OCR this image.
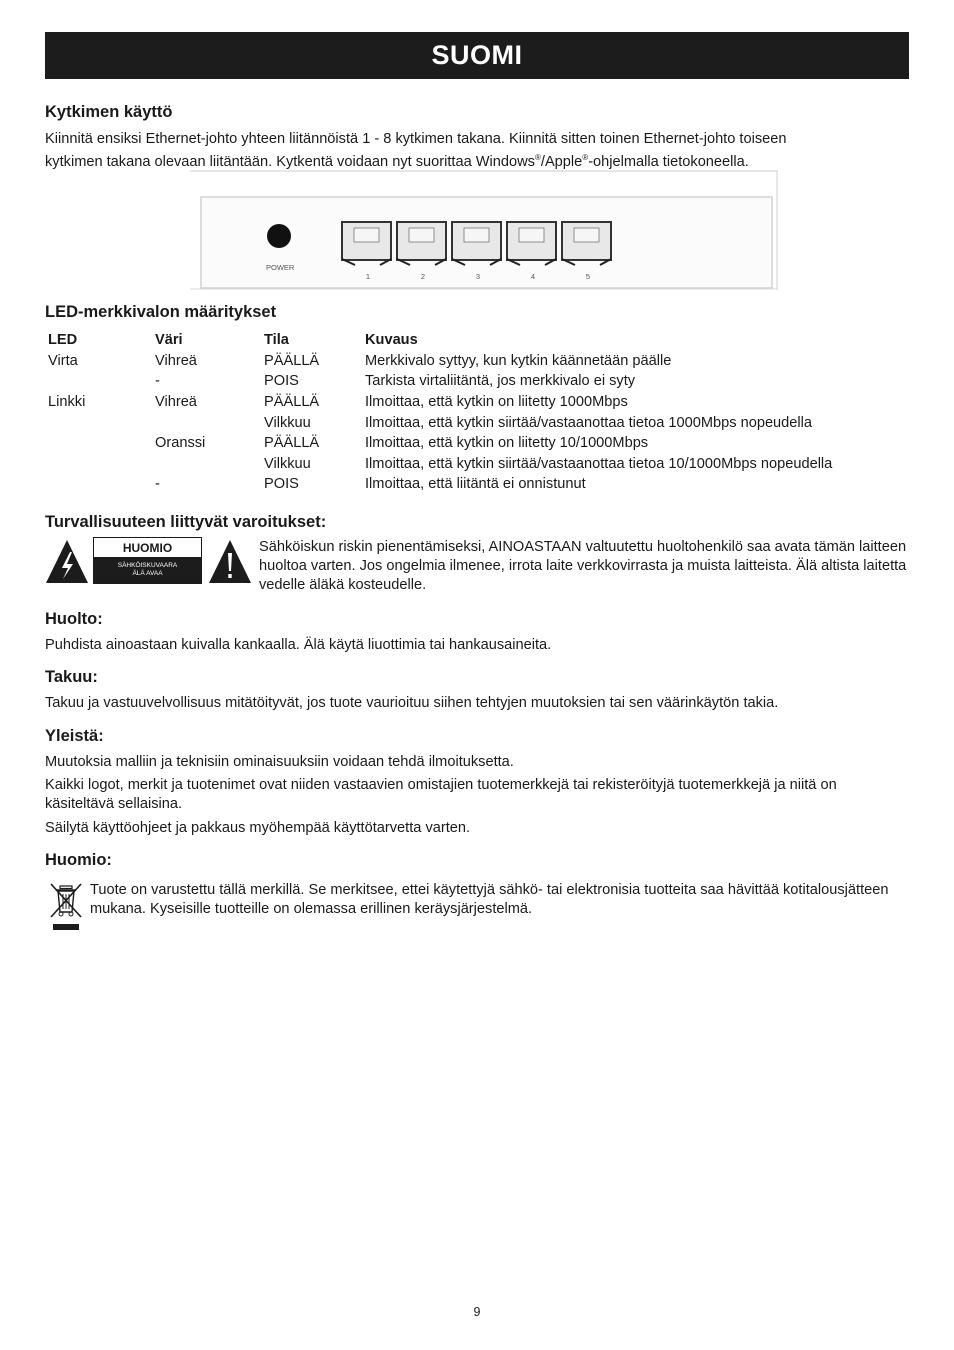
SUOMI
Kytkimen käyttö

Kiinnitä ensiksi Ethernet-johto yhteen liitännöistä 1 - 8 kytkimen takana. Kiinnitä sitten toinen Ethernet-johto toiseen
kytkimen takana olevaan liitäntään. Kytkentä voidaan nyt suorittaa Windows®/Apple®-ohjelmalla tietokoneella.

POWER
1	2	3	4	5
LED-merkkivalon määritykset
LED	Väri	Tila	Kuvaus
Virta	Vihreä	PÄÄLLÄ	Merkkivalo syttyy, kun kytkin käännetään päälle
	-	POIS	Tarkista virtaliitäntä, jos merkkivalo ei syty
Linkki	Vihreä	PÄÄLLÄ	Ilmoittaa, että kytkin on liitetty 1000Mbps
		Vilkkuu	Ilmoittaa, että kytkin siirtää/vastaanottaa tietoa 1000Mbps nopeudella
	Oranssi	PÄÄLLÄ	Ilmoittaa, että kytkin on liitetty 10/1000Mbps
		Vilkkuu	Ilmoittaa, että kytkin siirtää/vastaanottaa tietoa 10/1000Mbps nopeudella
	-	POIS	Ilmoittaa, että liitäntä ei onnistunut
Turvallisuuteen liittyvät varoitukset:
HUOMIO
SÄHKÖISKUVAARA
ÄLÄ AVAA

Sähköiskun riskin pienentämiseksi, AINOASTAAN valtuutettu huoltohenkilö saa avata tämän laitteen huoltoa varten. Jos ongelmia ilmenee, irrota laite verkkovirrasta ja muista laitteista. Älä altista laitetta vedelle äläkä kosteudelle.

Huolto:

Puhdista ainoastaan kuivalla kankaalla. Älä käytä liuottimia tai hankausaineita.

Takuu:

Takuu ja vastuuvelvollisuus mitätöityvät, jos tuote vaurioituu siihen tehtyjen muutoksien tai sen väärinkäytön takia.

Yleistä:

Muutoksia malliin ja teknisiin ominaisuuksiin voidaan tehdä ilmoituksetta.

Kaikki logot, merkit ja tuotenimet ovat niiden vastaavien omistajien tuotemerkkejä tai rekisteröityjä tuotemerkkejä ja niitä on käsiteltävä sellaisina.

Säilytä käyttöohjeet ja pakkaus myöhempää käyttötarvetta varten.

Huomio:

Tuote on varustettu tällä merkillä. Se merkitsee, ettei käytettyjä sähkö- tai elektronisia tuotteita saa hävittää kotitalousjätteen mukana. Kyseisille tuotteille on olemassa erillinen keräysjärjestelmä.

9
